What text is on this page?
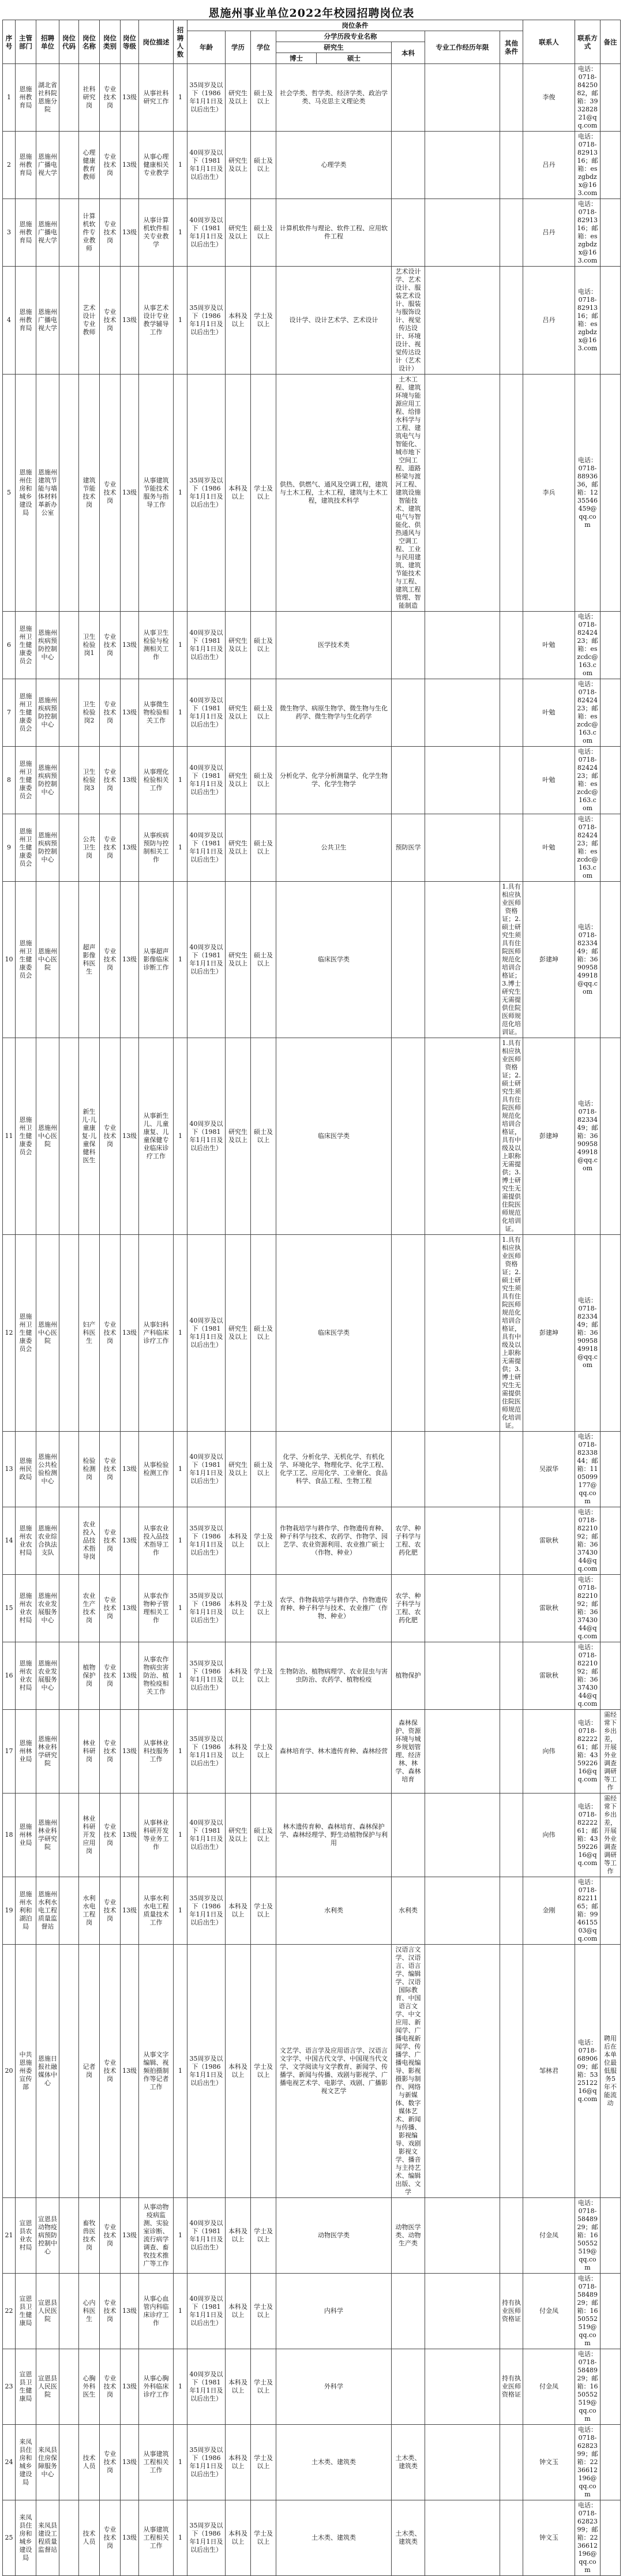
恩施州事业单位2022年校园招聘岗位表
序号	主管部门	招聘单位	岗位代码	岗位名称	岗位类别	岗位等级	岗位描述	招聘人数	岗位条件								联系人	联系方式	备注
									年龄	学历	学位	分学历段专业名称			专业工作经历年限	其他条件			
												研究生		本科					
												博士	硕士						
1	恩施州教育局	湖北省社科院恩施分院		社科研究岗	专业技术岗	13级	从事社科研究工作	1	35周岁及以下（1986年1月1日及以后出生）	研究生及以上	硕士及以上	社会学类、哲学类、经济学类、政治学类、马克思主义理论类					李俊	电话：0718-8425082，邮箱：393282821@qq.com	
2	恩施州教育局	恩施州广播电视大学		心理健康教育教师	专业技术岗	13级	从事心理健康相关专业教学	1	40周岁及以下（1981年1月1日及以后出生）	研究生及以上	硕士及以上	心理学类					吕丹	电话：0718-8291316；邮箱：eszgbdzx@163.com	
3	恩施州教育局	恩施州广播电视大学		计算机软件专业教师	专业技术岗	13级	从事计算机软件相关专业教学	1	40周岁及以下（1981年1月1日及以后出生）	研究生及以上	硕士及以上	计算机软件与理论、软件工程、应用软件工程					吕丹	电话：0718-8291316；邮箱：eszgbdzx@163.com	
4	恩施州教育局	恩施州广播电视大学		艺术设计专业教师	专业技术岗	13级	从事艺术设计专业教学辅导工作	1	35周岁及以下（1986年1月1日及以后出生）	本科及以上	学士及以上	设计学、设计艺术学、艺术设计		艺术设计学、艺术设计、服装艺术设计、服装与服饰设计、视觉传达设计、环境设计、视觉传达设计（艺术设计）			吕丹	电话：0718-8291316；邮箱：eszgbdzx@163.com	
5	恩施州住房和城乡建设局	恩施州建筑节能与墙体材料革新办公室		建筑节能技术岗	专业技术岗	13级	从事建筑节能技术服务与指导工作	1	35周岁及以下（1986年1月1日及以后出生）	本科及以上	学士及以上	供热、供燃气、通风及空调工程，建筑与土木工程，土木工程，建筑与土木工程，建筑技术科学		土木工程、建筑环境与能源应用工程、给排水科学与工程、建筑电气与智能化、城市地下空间工程、道路桥梁与渡河工程、建筑设施智能技术、建筑电气与智能化、供热通风与空调工程、工业与民用建筑、建筑节能技术与工程、建筑工程管理、智能制造			李兵	电话：0718-8893636，邮箱：1235546459@qq.com	
6	恩施州卫生健康委员会	恩施州疾病预防控制中心		卫生检验岗1	专业技术岗	13级	从事卫生检验与检测相关工作	1	40周岁及以下（1981年1月1日及以后出生）	研究生及以上	硕士及以上	医学技术类					叶勉	电话：0718-8242423；邮箱：eszcdc@163.com	
7	恩施州卫生健康委员会	恩施州疾病预防控制中心		卫生检验岗2	专业技术岗	13级	从事微生物检验相关工作	1	40周岁及以下（1981年1月1日及以后出生）	研究生及以上	硕士及以上	微生物学、病原生物学、微生物与生化药学、微生物学与生化药学					叶勉	电话：0718-8242423；邮箱：eszcdc@163.com	
8	恩施州卫生健康委员会	恩施州疾病预防控制中心		卫生检验岗3	专业技术岗	13级	从事理化检验相关工作	1	40周岁及以下（1981年1月1日及以后出生）	研究生及以上	硕士及以上	分析化学、化学分析测量学、化学生物学、化学生物学					叶勉	电话：0718-8242423；邮箱：eszcdc@163.com	
9	恩施州卫生健康委员会	恩施州疾病预防控制中心		公共卫生岗	专业技术岗	13级	从事疾病预防与控制相关工作	1	40周岁及以下（1981年1月1日及以后出生）	研究生及以上	硕士及以上	公共卫生		预防医学			叶勉	电话：0718-8242423；邮箱：eszcdc@163.com	
10	恩施州卫生健康委员会	恩施州中心医院		超声影像科医生	专业技术岗	13级	从事超声影像临床诊断工作	1	40周岁及以下（1981年1月1日及以后出生）	研究生及以上	硕士及以上	临床医学类				1.具有相应执业医师资格证；2.硕士研究生须具有住院医师规范化培训合格证；3.博士研究生无需提供住院医师规范化培训证。	彭建坤	电话：0718-8233449；邮箱：369095849918@qq.com	
11	恩施州卫生健康委员会	恩施州中心医院		新生儿·儿童康复·儿童保健科医生	专业技术岗	13级	从事新生儿、儿童康复、儿童保健专业临床诊疗工作	1	40周岁及以下（1981年1月1日及以后出生）	研究生及以上	硕士及以上	临床医学类				1.具有相应执业医师资格证；2.硕士研究生须具有住院医师规范化培训合格证，具有中级及以上职称无需提供；3.博士研究生无需提供住院医师规范化培训证。	彭建坤	电话：0718-8233449；邮箱：369095849918@qq.com	
12	恩施州卫生健康委员会	恩施州中心医院		妇产科医生	专业技术岗	13级	从事妇科产科临床诊疗工作	1	40周岁及以下（1981年1月1日及以后出生）	研究生及以上	硕士及以上	临床医学类				1.具有相应执业医师资格证；2.硕士研究生须具有住院医师规范化培训合格证，具有中级及以上职称无需提供；3.博士研究生无需提供住院医师规范化培训证。	彭建坤	电话：0718-8233449；邮箱：369095849918@qq.com	
13	恩施州民政局	恩施州公共检验检测中心		检验检测岗	专业技术岗	13级	从事检验检测工作	1	40周岁及以下（1981年1月1日及以后出生）	研究生及以上	硕士及以上	化学、分析化学、无机化学、有机化学、环境化学、物理化学、化学工程、化学工艺、应用化学、工业催化、食品科学、食品工程、生物工程					吴淑华	电话：0718-8233844；邮箱：1105099177@qq.com	
14	恩施州农业农村局	恩施州农业综合执法支队		农业投入品技术指导岗	专业技术岗	13级	从事农业投入品技术指导工作	1	35周岁及以下（1986年1月1日及以后出生）	本科及以上	学士及以上	作物栽培学与耕作学、作物遗传育种、种子科学与技术、农药学、作物学、园艺学、农业资源利用、农业推广硕士（作物、种业）		农学、种子科学与工程、农药化肥			雷耿秋	电话：0718-8221092；邮箱：363743044@qq.com	
15	恩施州农业农村局	恩施州农业发展服务中心		农业生产技术岗	专业技术岗	13级	从事农作物种子管理相关工作	1	35周岁及以下（1986年1月1日及以后出生）	本科及以上	学士及以上	农学、作物栽培学与耕作学、作物遗传育种、种子科学与技术、农业推广（作物、种业）		农学、种子科学与工程、农药化肥			雷耿秋	电话：0718-8221092；邮箱：363743044@qq.com	
16	恩施州农业农村局	恩施州农业发展服务中心		植物保护岗	专业技术岗	13级	从事农作物病虫害防治、植物检疫相关工作	1	35周岁及以下（1986年1月1日及以后出生）	本科及以上	学士及以上	生物防治、植物病理学、农业昆虫与害虫防治、农药学、植物检疫		植物保护			雷耿秋	电话：0718-8221092；邮箱：363743044@qq.com	
17	恩施州林业局	恩施州林业科学研究院		林业科研岗	专业技术岗	13级	从事林业科技服务工作	1	35周岁及以下（1986年1月1日及以后出生）	本科及以上	学士及以上	森林培育学、林木遗传育种、森林经营		森林保护、资源环境与城乡规划管理、经济林、林学、森林培育			向伟	电话：0718-8222261；邮箱：435922616@qq.com	需经常下乡出差，开展外业调查调研等工作
18	恩施州林业局	恩施州林业科学研究院		林业科研开发应用岗	专业技术岗	13级	从事林业科研开发等业务工作	1	40周岁及以下（1981年1月1日及以后出生）	研究生及以上	硕士及以上	林木遗传育种、森林培育、森林保护学、森林经理学、野生动植物保护与利用					向伟	电话：0718-8222261；邮箱：435922616@qq.com	需经常下乡出差，开展外业调查调研等工作
19	恩施州水利和湖泊局	恩施州水利水电工程质量监督站		水利水电工程岗	专业技术岗	13级	从事水利水电工程质量技术工作	1	35周岁及以下（1986年1月1日及以后出生）	本科及以上	学士及以上	水利类		水利类			金刚	电话：0718-8221165；邮箱：994615503@qq.com	
20	中共恩施州委宣传部	恩施日报社融媒体中心		记者岗	专业技术岗	13级	从事文字编辑、视频拍摄制作等记者工作	1	35周岁及以下（1986年1月1日及以后出生）	本科及以上	学士及以上	文艺学、语言学及应用语言学、汉语言文字学、中国古代文学、中国现当代文学、文学阅读与文学教育、新闻学、传播学、新闻与传播、戏剧与影视学、广播电视艺术学、电影学、戏剧、广播影视文艺学		汉语言文学、汉语言、语言学、编辑学、汉语国际教育、中国语言文学、中文应用、新闻学、广播电视新闻学、传播学、广播电视编导、影视摄影与制作、网络与新媒体、数字媒体艺术、新闻与传播、影视编导、戏剧影视文学、播音与主持艺术、编辑出版、文学			邹林君	电话：0718-6890609；邮箱：532512216@qq.com	聘用后在本单位最低服务5年不能流动
21	宣恩县农业农村局	宣恩县动物疫病预防控制中心		畜牧兽医技术岗	专业技术岗	13级	从事动物疫病监测、实验室诊断、流行病学调查、畜牧技术推广等工作	1	40周岁及以下（1981年1月1日及以后出生）	本科及以上	学士及以上	动物医学类		动物医学类、动物生产类			付金凤	电话：0718-5848929；邮箱：1650552519@qq.com	
22	宣恩县卫生健康局	宣恩县人民医院		心内科医生	专业技术岗	13级	从事心血管内科临床诊疗工作	1	40周岁及以下（1981年1月1日及以后出生）	本科及以上	学士及以上	内科学				持有执业医师资格证	付金凤	电话：0718-5848929；邮箱：1650552519@qq.com	
23	宣恩县卫生健康局	宣恩县人民医院		心胸外科医生	专业技术岗	13级	从事心胸外科临床诊疗工作	1	40周岁及以下（1981年1月1日及以后出生）	本科及以上	学士及以上	外科学				持有执业医师资格证	付金凤	电话：0718-5848929；邮箱：1650552519@qq.com	
24	来凤县住房和城乡建设局	来凤县住房保障服务中心		技术人员	专业技术岗	13级	从事建筑工程相关工作	1	35周岁及以下（1986年1月1日及以后出生）	本科及以上	学士及以上	土木类、建筑类		土木类、建筑类			钟文玉	电话：0718-6282399；邮箱：2236612196@qq.com	
25	来凤县住房和城乡建设局	来凤县建设工程质量监督站		技术人员	专业技术岗	13级	从事建筑工程相关工作	1	35周岁及以下（1986年1月1日及以后出生）	本科及以上	学士及以上	土木类、建筑类		土木类、建筑类			钟文玉	电话：0718-6282399；邮箱：2236612196@qq.com	
